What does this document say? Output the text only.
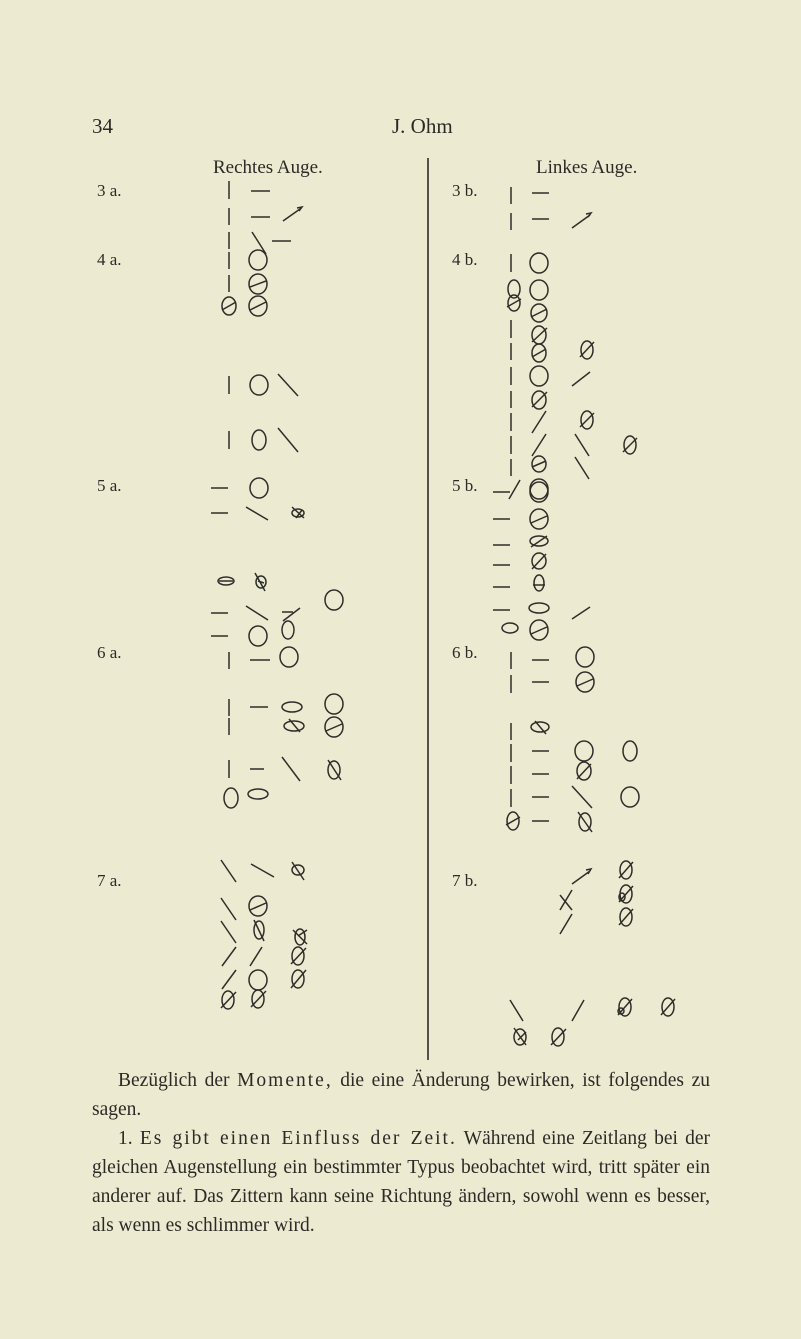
34	J. Ohm
Rechtes Auge.	Linkes Auge.
3 a.
4 a.
5 a.
6 a.
7 a.
3 b.
4 b.
5 b.
6 b.
7 b.
Bezüglich der Momente, die eine Änderung bewirken, ist folgendes zu sagen.
1. Es gibt einen Einfluss der Zeit. Während eine Zeitlang bei der gleichen Augenstellung ein bestimmter Typus beobachtet wird, tritt später ein anderer auf. Das Zittern kann seine Richtung ändern, sowohl wenn es besser, als wenn es schlimmer wird.
